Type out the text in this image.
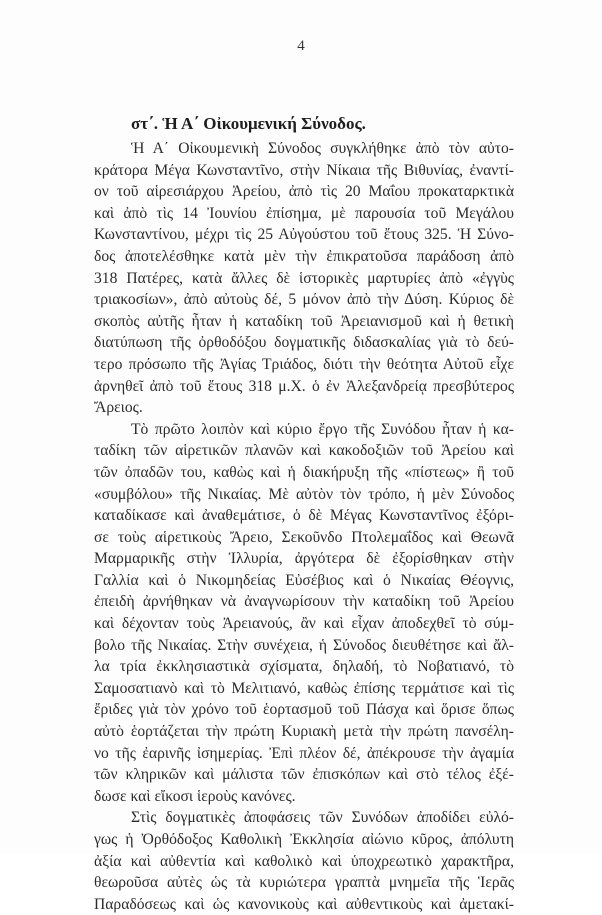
4
στ΄. Ἡ Α΄ Οἰκουμενική Σύνοδος.
Ἡ Α΄ Οἰκουμενικὴ Σύνοδος συγκλήθηκε ἀπὸ τὸν αὐτο-
κράτορα Μέγα Κωνσταντῖνο, στὴν Νίκαια τῆς Βιθυνίας, ἐναντί-
ον τοῦ αἱρεσιάρχου Ἀρείου, ἀπὸ τὶς 20 Μαΐου προκαταρκτικὰ
καὶ ἀπὸ τὶς 14 Ἰουνίου ἐπίσημα, μὲ παρουσία τοῦ Μεγάλου
Κωνσταντίνου, μέχρι τὶς 25 Αὐγούστου τοῦ ἔτους 325. Ἡ Σύνο-
δος ἀποτελέσθηκε κατὰ μὲν τὴν ἐπικρατοῦσα παράδοση ἀπὸ
318 Πατέρες, κατὰ ἄλλες δὲ ἱστορικὲς μαρτυρίες ἀπὸ «ἐγγὺς
τριακοσίων», ἀπὸ αὐτοὺς δέ, 5 μόνον ἀπὸ τὴν Δύση. Κύριος δὲ
σκοπὸς αὐτῆς ἦταν ἡ καταδίκη τοῦ Ἀρειανισμοῦ καὶ ἡ θετικὴ
διατύπωση τῆς ὀρθοδόξου δογματικῆς διδασκαλίας γιὰ τὸ δεύ-
τερο πρόσωπο τῆς Ἀγίας Τριάδος, διότι τὴν θεότητα Αὐτοῦ εἶχε
ἀρνηθεῖ ἀπὸ τοῦ ἔτους 318 μ.Χ. ὁ ἐν Ἀλεξανδρείᾳ πρεσβύτερος
Ἄρειος.
Τὸ πρῶτο λοιπὸν καὶ κύριο ἔργο τῆς Συνόδου ἦταν ἡ κα-
ταδίκη τῶν αἱρετικῶν πλανῶν καὶ κακοδοξιῶν τοῦ Ἀρείου καὶ
τῶν ὀπαδῶν του, καθὼς καὶ ἡ διακήρυξη τῆς «πίστεως» ἢ τοῦ
«συμβόλου» τῆς Νικαίας. Μὲ αὐτὸν τὸν τρόπο, ἡ μὲν Σύνοδος
καταδίκασε καὶ ἀναθεμάτισε, ὁ δὲ Μέγας Κωνσταντῖνος ἐξόρι-
σε τοὺς αἱρετικοὺς Ἄρειο, Σεκοῦνδο Πτολεμαΐδος καὶ Θεωνᾶ
Μαρμαρικῆς στὴν Ἰλλυρία, ἀργότερα δὲ ἐξορίσθηκαν στὴν
Γαλλία καὶ ὁ Νικομηδείας Εὐσέβιος καὶ ὁ Νικαίας Θέογνις,
ἐπειδὴ ἀρνήθηκαν νὰ ἀναγνωρίσουν τὴν καταδίκη τοῦ Ἀρείου
καὶ δέχονταν τοὺς Ἀρειανούς, ἂν καὶ εἶχαν ἀποδεχθεῖ τὸ σύμ-
βολο τῆς Νικαίας. Στὴν συνέχεια, ἡ Σύνοδος διευθέτησε καὶ ἄλ-
λα τρία ἐκκλησιαστικὰ σχίσματα, δηλαδή, τὸ Νοβατιανό, τὸ
Σαμοσατιανὸ καὶ τὸ Μελιτιανό, καθὼς ἐπίσης τερμάτισε καὶ τὶς
ἔριδες γιὰ τὸν χρόνο τοῦ ἑορτασμοῦ τοῦ Πάσχα καὶ ὅρισε ὅπως
αὐτὸ ἑορτάζεται τὴν πρώτη Κυριακὴ μετὰ τὴν πρώτη πανσέλη-
νο τῆς ἐαρινῆς ἰσημερίας. Ἐπὶ πλέον δέ, ἀπέκρουσε τὴν ἀγαμία
τῶν κληρικῶν καὶ μάλιστα τῶν ἐπισκόπων καὶ στὸ τέλος ἐξέ-
δωσε καὶ εἴκοσι ἱεροὺς κανόνες.
Στὶς δογματικὲς ἀποφάσεις τῶν Συνόδων ἀποδίδει εὐλό-
γως ἡ Ὀρθόδοξος Καθολικὴ Ἐκκλησία αἰώνιο κῦρος, ἀπόλυτη
ἀξία καὶ αὐθεντία καὶ καθολικὸ καὶ ὑποχρεωτικὸ χαρακτῆρα,
θεωροῦσα αὐτὲς ὡς τὰ κυριώτερα γραπτὰ μνημεῖα τῆς Ἱερᾶς
Παραδόσεως καὶ ὡς κανονικοὺς καὶ αὐθεντικοὺς καὶ ἀμετακί-
